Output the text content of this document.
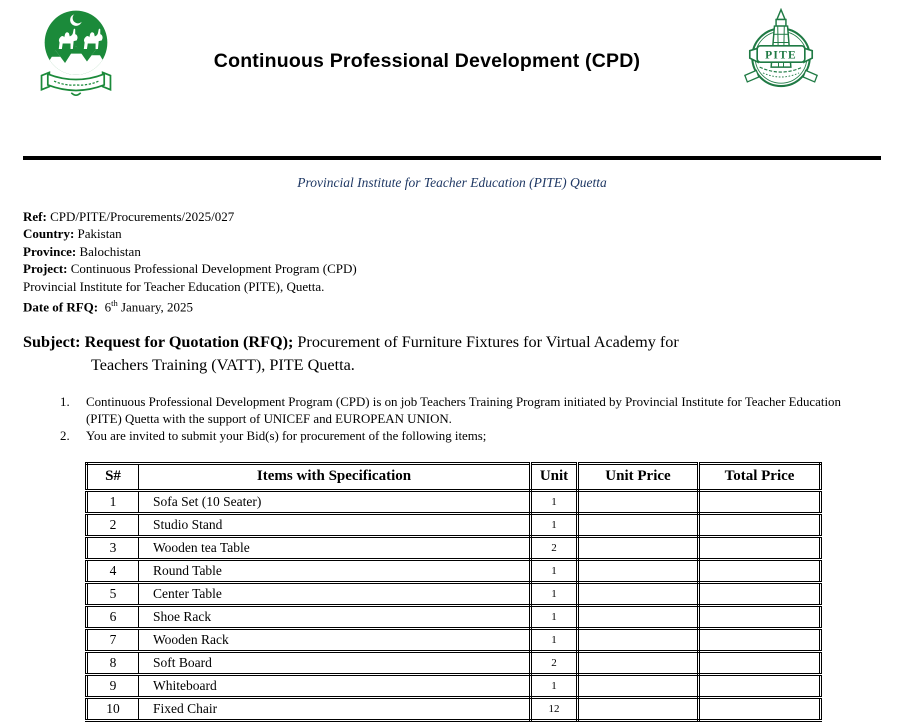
Continuous Professional Development (CPD)	PITE
Provincial Institute for Teacher Education (PITE) Quetta

Ref: CPD/PITE/Procurements/2025/027

Country: Pakistan

Province: Balochistan

Project: Continuous Professional Development Program (CPD)

Provincial Institute for Teacher Education (PITE), Quetta.

Date of RFQ: 6th January, 2025

Subject: Request for Quotation (RFQ); Procurement of Furniture Fixtures for Virtual Academy for

Teachers Training (VATT), PITE Quetta.

1.	Continuous Professional Development Program (CPD) is on job Teachers Training Program initiated by Provincial Institute for Teacher Education (PITE) Quetta with the support of UNICEF and EUROPEAN UNION.
2.	You are invited to submit your Bid(s) for procurement of the following items;
S#	Items with Specification	Unit	Unit Price	Total Price
1	Sofa Set (10 Seater)	1		
2	Studio Stand	1		
3	Wooden tea Table	2		
4	Round Table	1		
5	Center Table	1		
6	Shoe Rack	1		
7	Wooden Rack	1		
8	Soft Board	2		
9	Whiteboard	1		
10	Fixed Chair	12		
